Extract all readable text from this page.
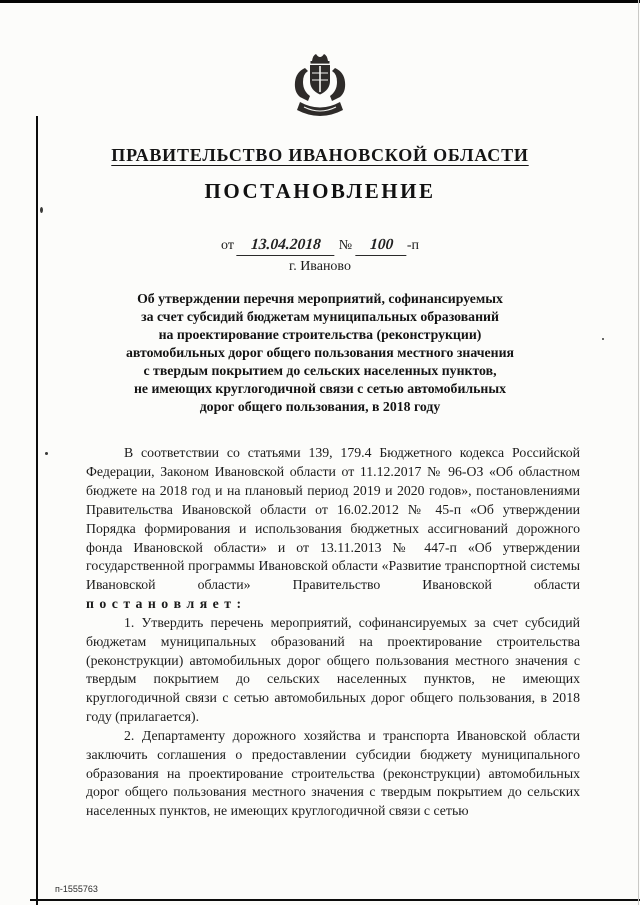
ПРАВИТЕЛЬСТВО ИВАНОВСКОЙ ОБЛАСТИ
ПОСТАНОВЛЕНИЕ
от 13.04.2018 № 100 -п
г. Иваново
Об утверждении перечня мероприятий, софинансируемых
за счет субсидий бюджетам муниципальных образований
на проектирование строительства (реконструкции)
автомобильных дорог общего пользования местного значения
с твердым покрытием до сельских населенных пунктов,
не имеющих круглогодичной связи с сетью автомобильных
дорог общего пользования, в 2018 году

В соответствии со статьями 139, 179.4 Бюджетного кодекса Российской Федерации, Законом Ивановской области от 11.12.2017 № 96-ОЗ «Об областном бюджете на 2018 год и на плановый период 2019 и 2020 годов», постановлениями Правительства Ивановской области от 16.02.2012 № 45-п «Об утверждении Порядка формирования и использования бюджетных ассигнований дорожного фонда Ивановской области» и от 13.11.2013 № 447-п «Об утверждении государственной программы Ивановской области «Развитие транспортной системы Ивановской области» Правительство Ивановской области п о с т а н о в л я е т :

1. Утвердить перечень мероприятий, софинансируемых за счет субсидий бюджетам муниципальных образований на проектирование строительства (реконструкции) автомобильных дорог общего пользования местного значения с твердым покрытием до сельских населенных пунктов, не имеющих круглогодичной связи с сетью автомобильных дорог общего пользования, в 2018 году (прилагается).

2. Департаменту дорожного хозяйства и транспорта Ивановской области заключить соглашения о предоставлении субсидии бюджету муниципального образования на проектирование строительства (реконструкции) автомобильных дорог общего пользования местного значения с твердым покрытием до сельских населенных пунктов, не имеющих круглогодичной связи с сетью

п-1555763
